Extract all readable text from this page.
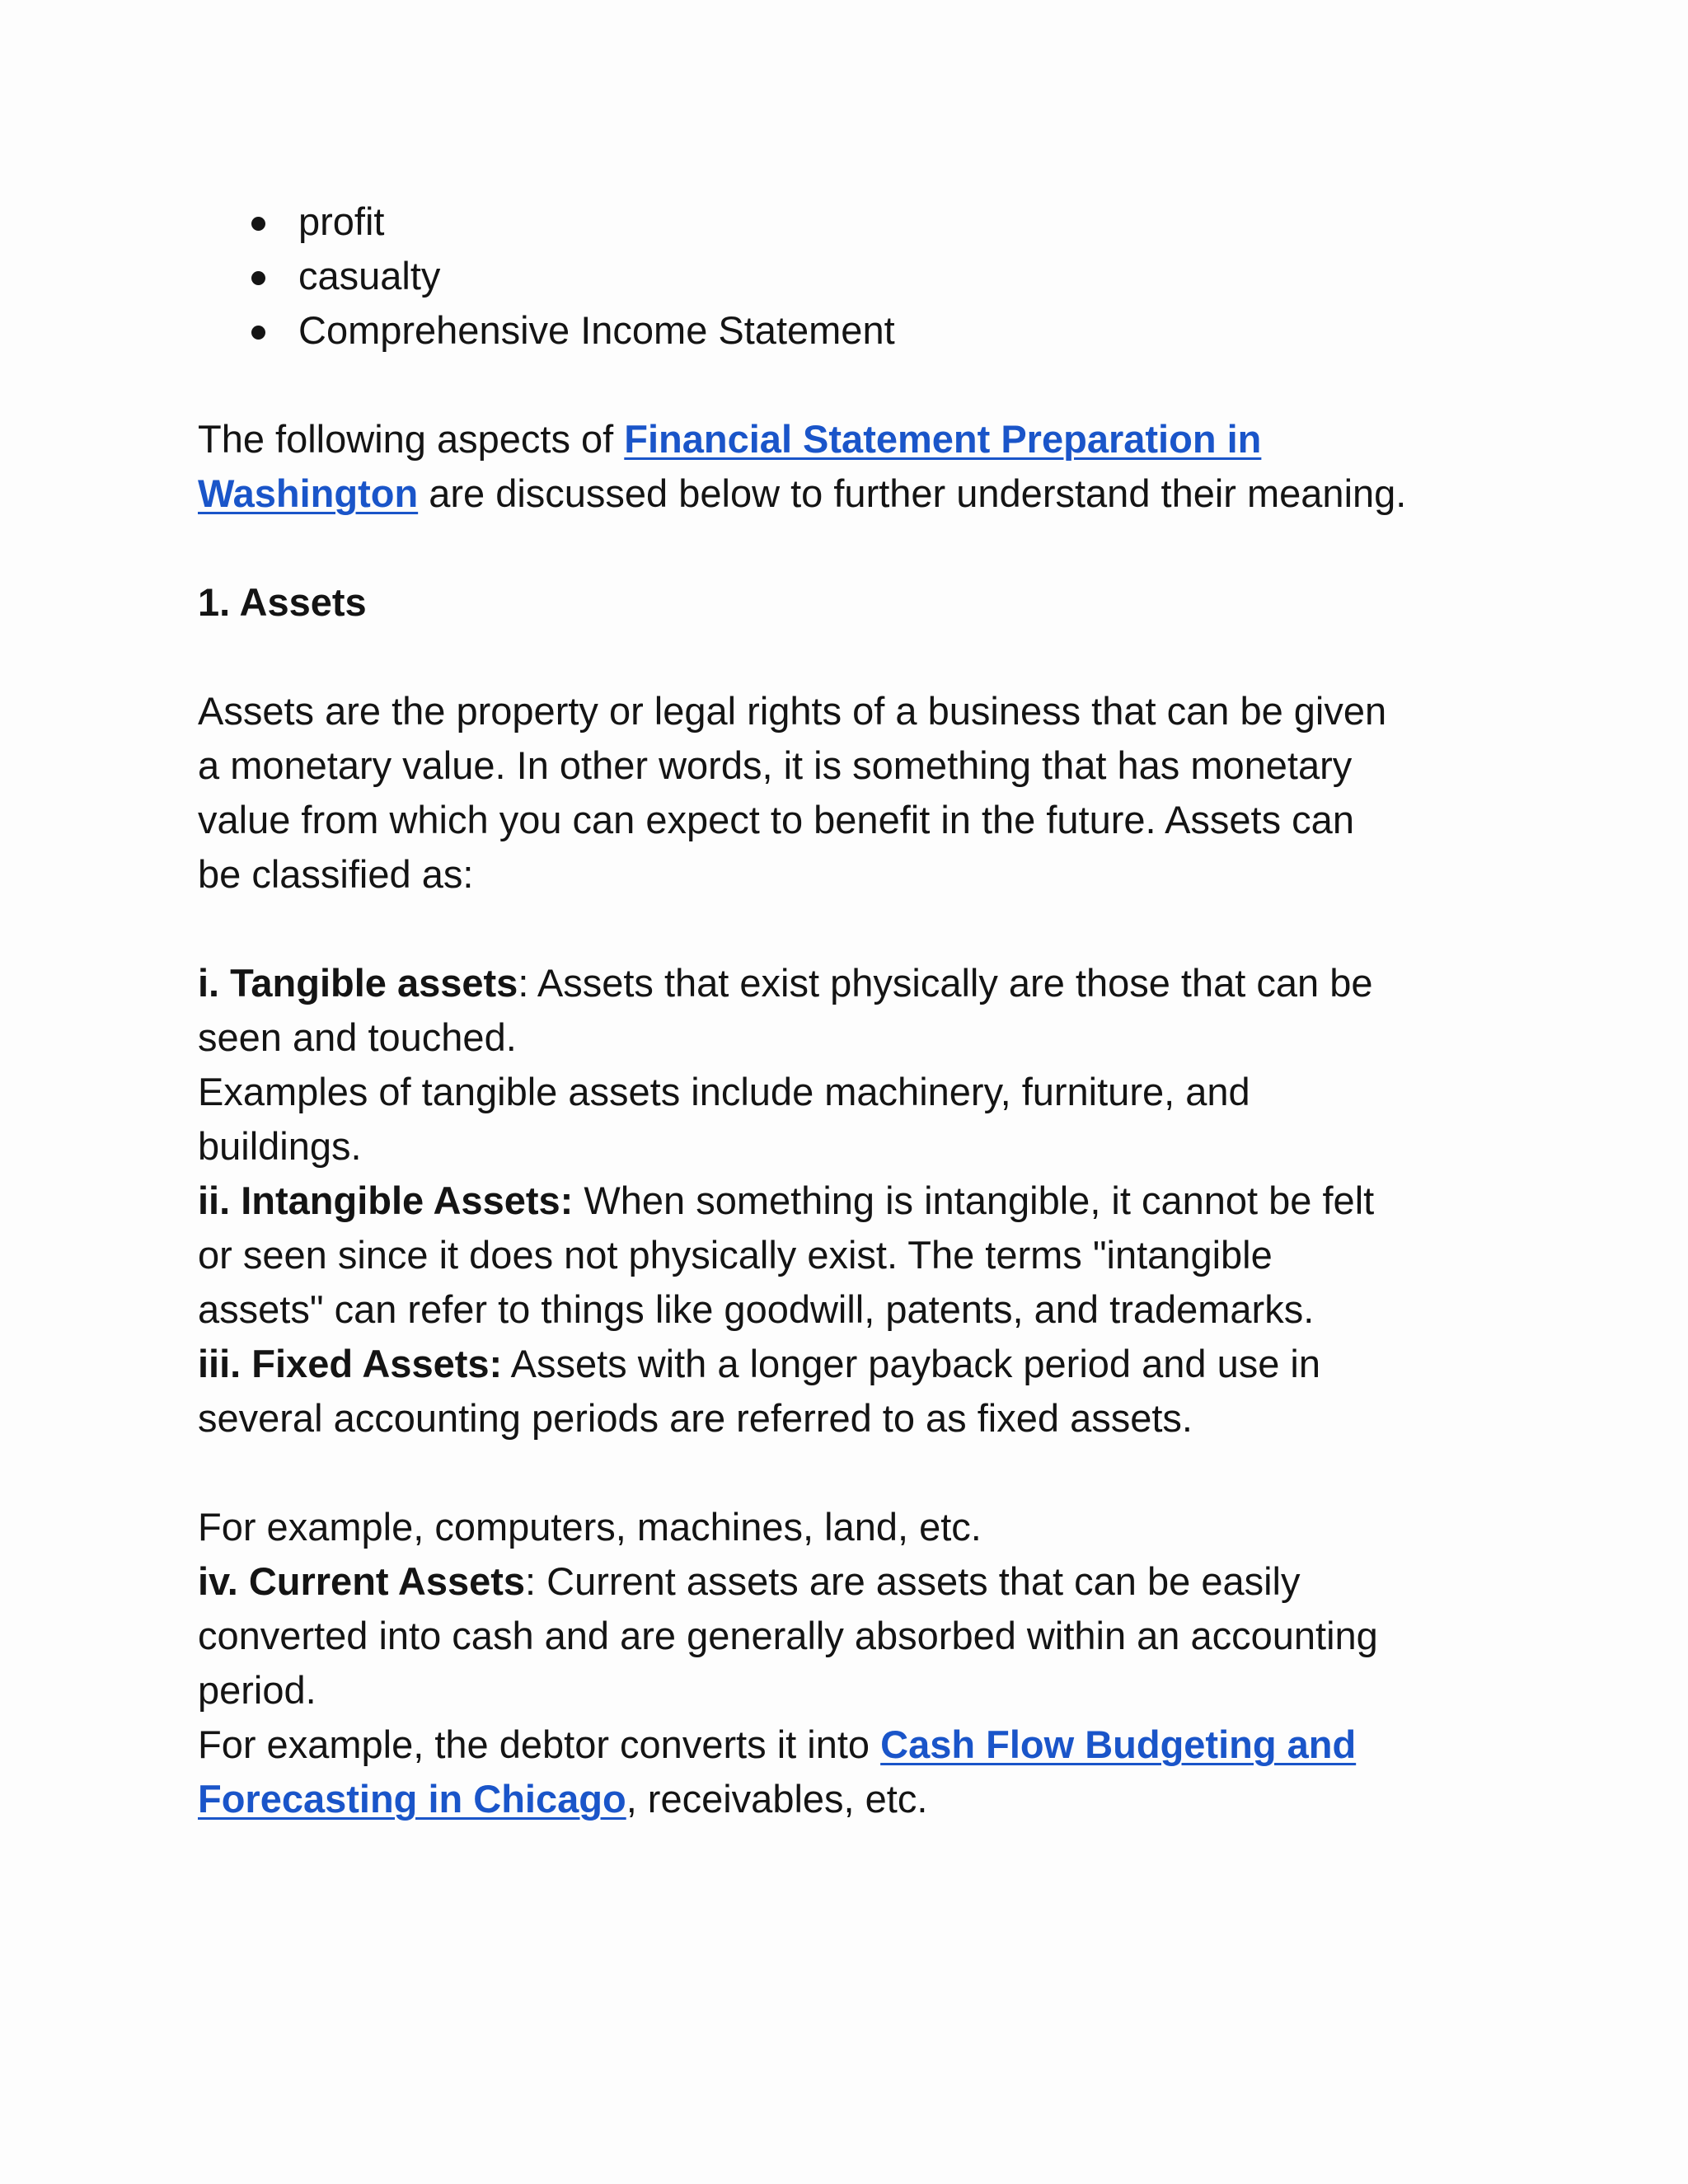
profit
casualty
Comprehensive Income Statement

The following aspects of Financial Statement Preparation in
Washington are discussed below to further understand their meaning.

1. Assets

Assets are the property or legal rights of a business that can be given
a monetary value. In other words, it is something that has monetary
value from which you can expect to benefit in the future. Assets can
be classified as:

i. Tangible assets: Assets that exist physically are those that can be
seen and touched.
Examples of tangible assets include machinery, furniture, and
buildings.

ii. Intangible Assets: When something is intangible, it cannot be felt
or seen since it does not physically exist. The terms "intangible
assets" can refer to things like goodwill, patents, and trademarks.

iii. Fixed Assets: Assets with a longer payback period and use in
several accounting periods are referred to as fixed assets.

For example, computers, machines, land, etc.

iv. Current Assets: Current assets are assets that can be easily
converted into cash and are generally absorbed within an accounting
period.

For example, the debtor converts it into Cash Flow Budgeting and
Forecasting in Chicago, receivables, etc.
